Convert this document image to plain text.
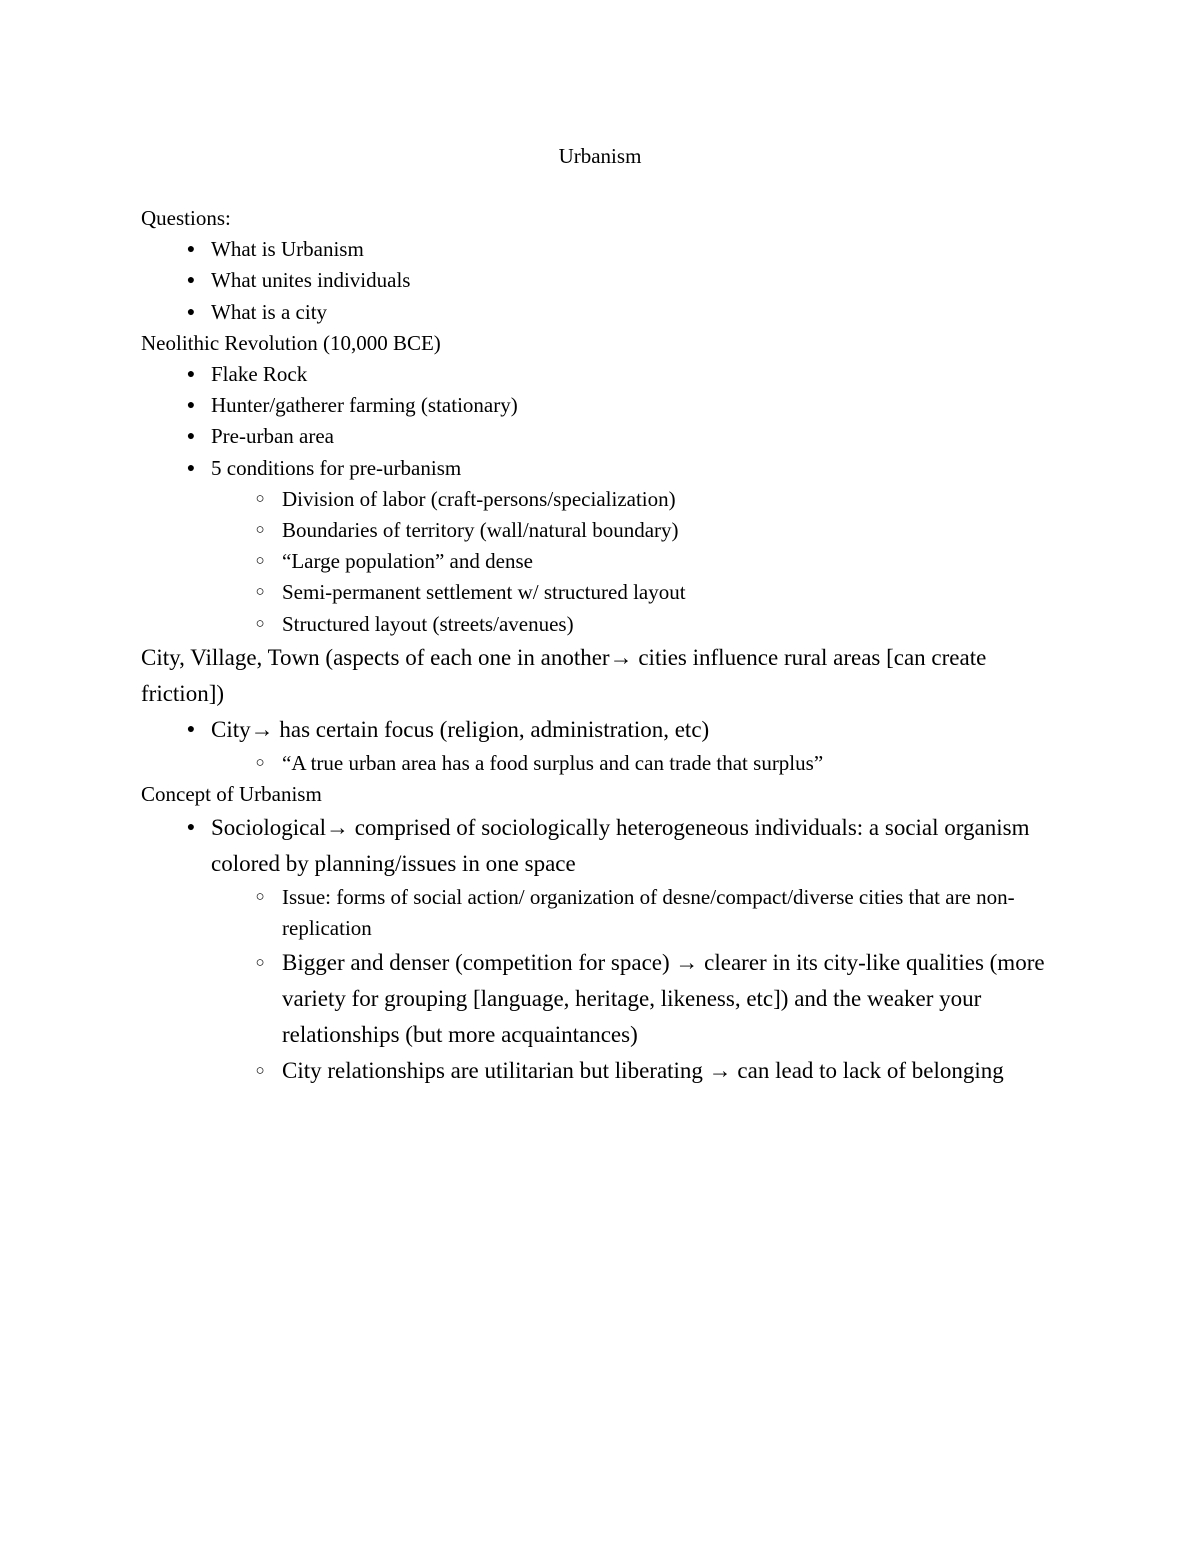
Urbanism
Questions:
● What is Urbanism
● What unites individuals
● What is a city
Neolithic Revolution (10,000 BCE)
● Flake Rock
● Hunter/gatherer farming (stationary)
● Pre-urban area
● 5 conditions for pre-urbanism
○ Division of labor (craft-persons/specialization)
○ Boundaries of territory (wall/natural boundary)
○ “Large population” and dense
○ Semi-permanent settlement w/ structured layout
○ Structured layout (streets/avenues)
City, Village, Town (aspects of each one in another→ cities influence rural areas [can create friction])
● City→ has certain focus (religion, administration, etc)
○ “A true urban area has a food surplus and can trade that surplus”
Concept of Urbanism
● Sociological→ comprised of sociologically heterogeneous individuals: a social organism colored by planning/issues in one space
○ Issue: forms of social action/ organization of desne/compact/diverse cities that are non-replication
○ Bigger and denser (competition for space) → clearer in its city-like qualities (more variety for grouping [language, heritage, likeness, etc]) and the weaker your relationships (but more acquaintances)
○ City relationships are utilitarian but liberating → can lead to lack of belonging
